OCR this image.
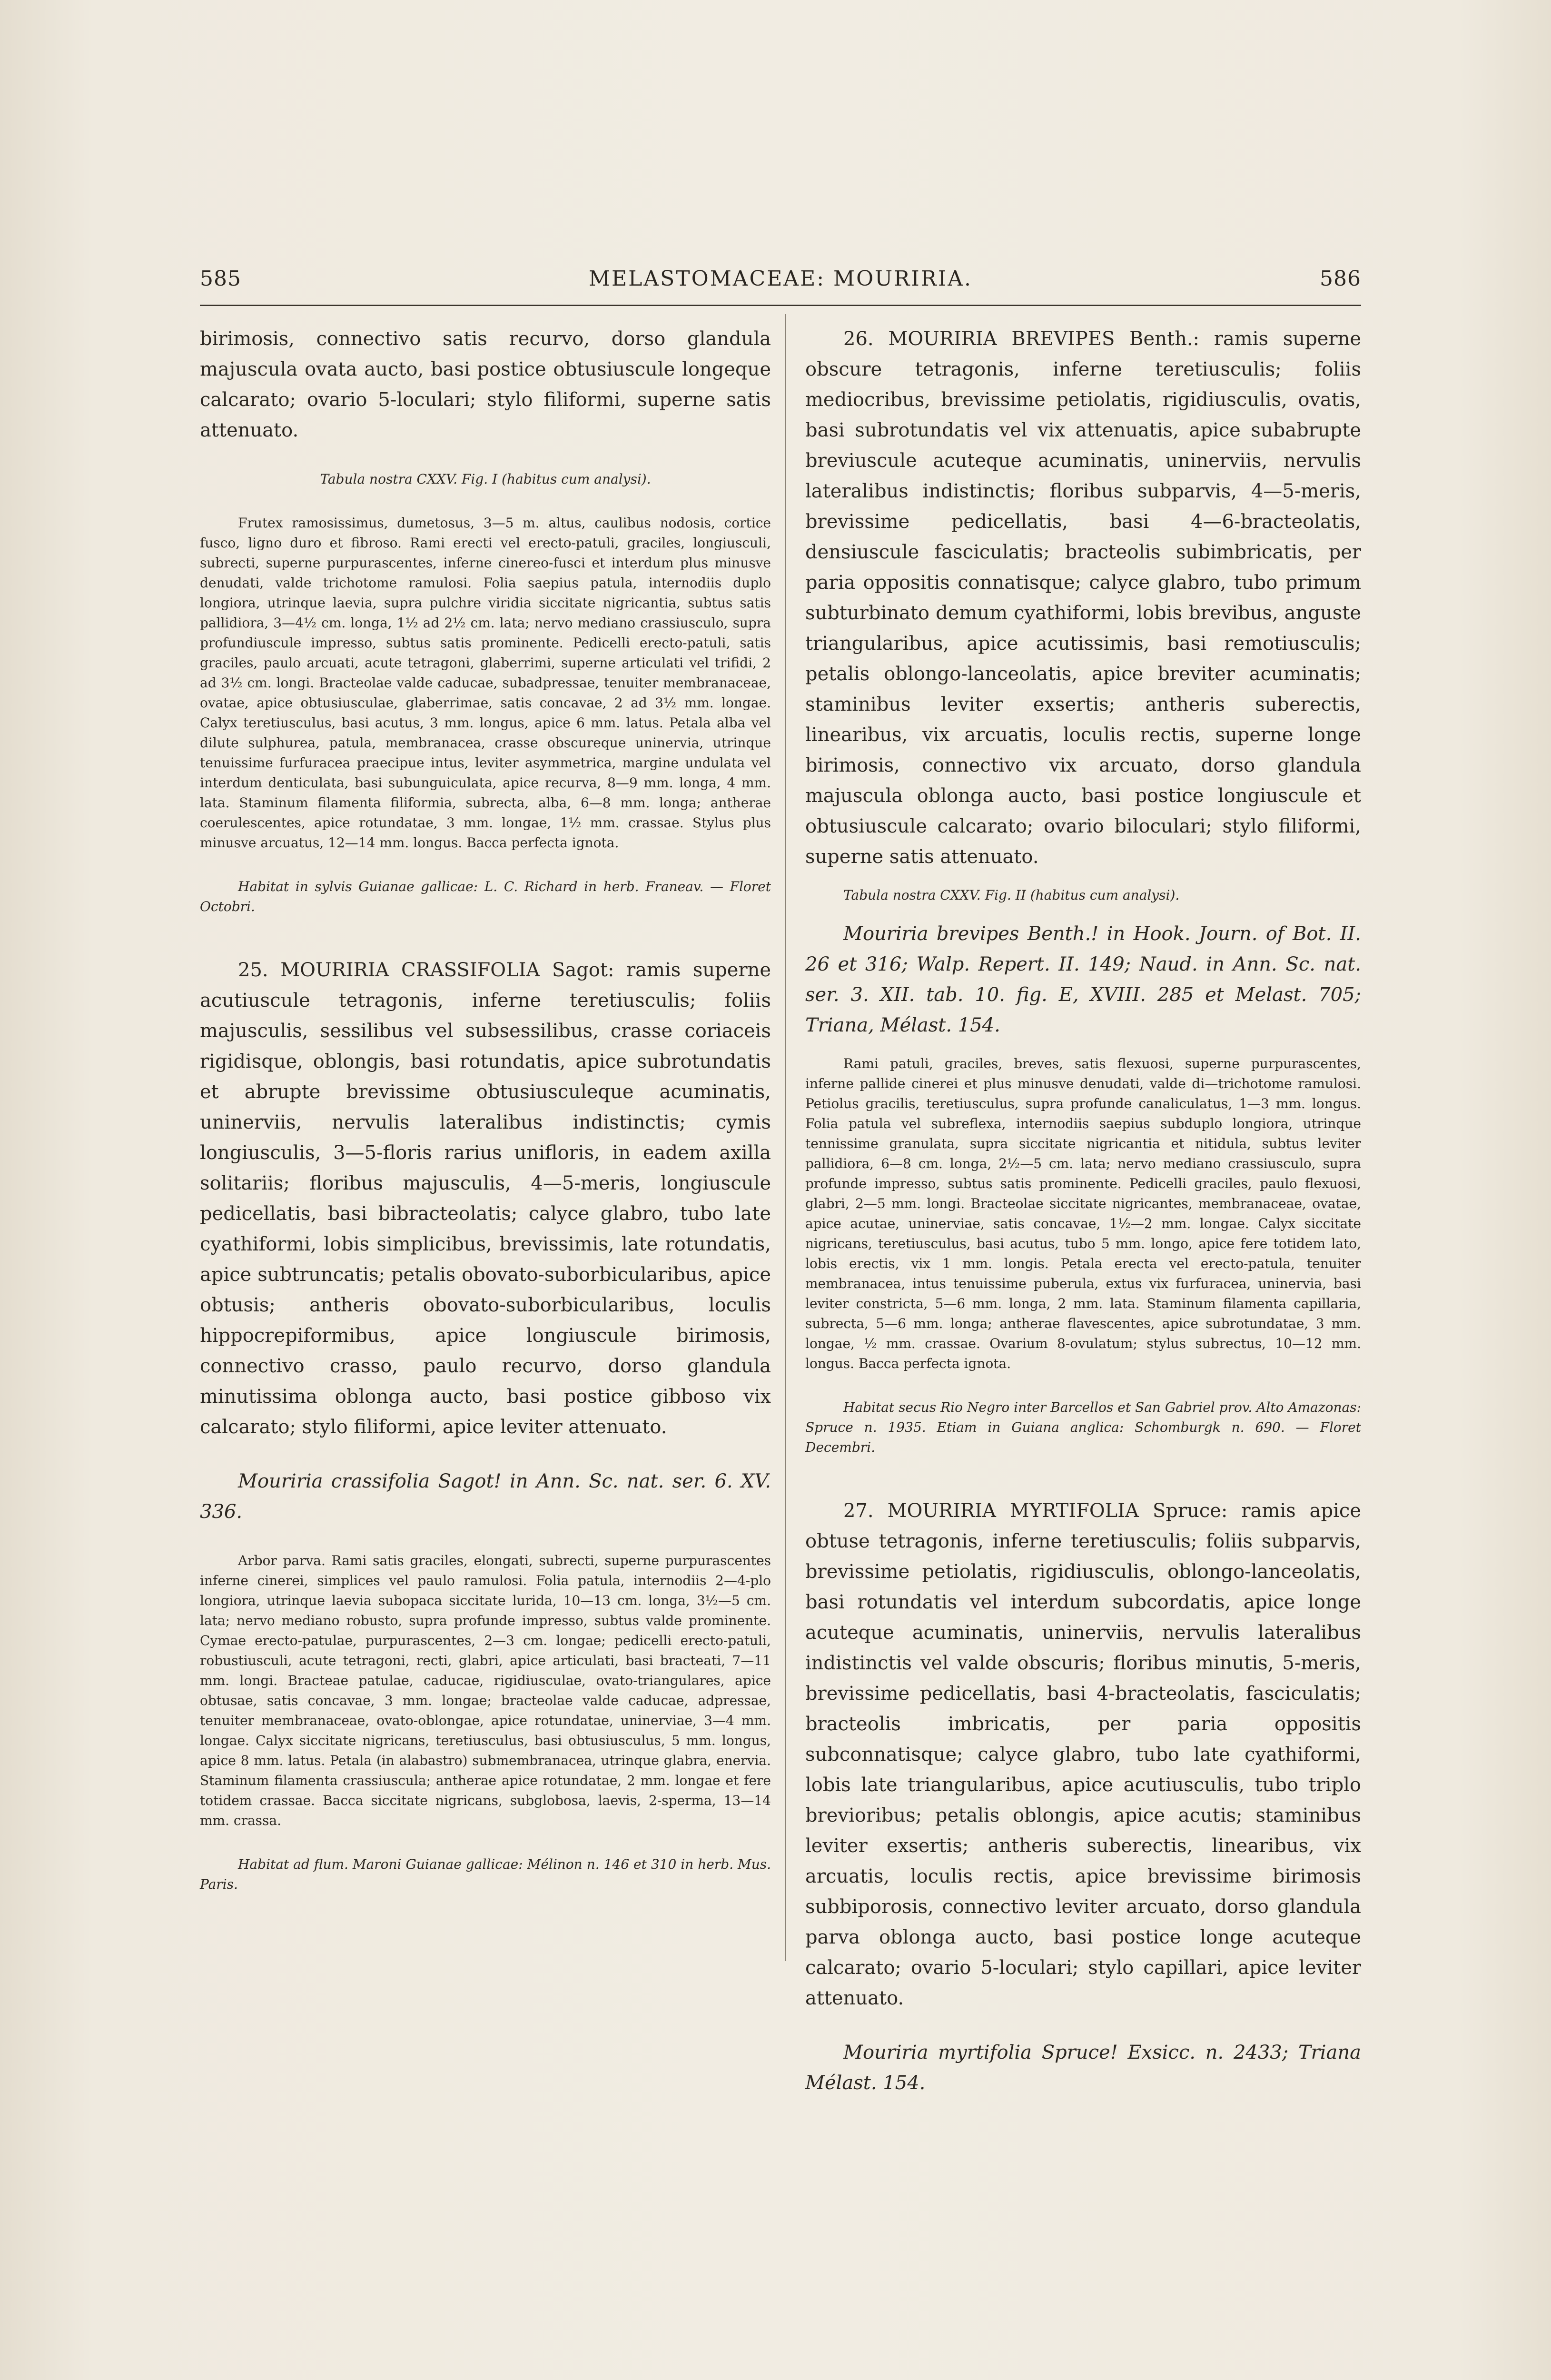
585	MELASTOMACEAE: MOURIRIA.	586

birimosis, connectivo satis recurvo, dorso glandula majuscula ovata aucto, basi postice obtusiuscule longeque calcarato; ovario 5-loculari; stylo filiformi, superne satis attenuato.

Tabula nostra CXXV. Fig. I (habitus cum analysi).

Frutex ramosissimus, dumetosus, 3—5 m. altus, caulibus nodosis, cortice fusco, ligno duro et fibroso. Rami erecti vel erecto-patuli, graciles, longiusculi, subrecti, superne purpurascentes, inferne cinereo-fusci et interdum plus minusve denudati, valde trichotome ramulosi. Folia saepius patula, internodiis duplo longiora, utrinque laevia, supra pulchre viridia siccitate nigricantia, subtus satis pallidiora, 3—4½ cm. longa, 1½ ad 2½ cm. lata; nervo mediano crassiusculo, supra profundiuscule impresso, subtus satis prominente. Pedicelli erecto-patuli, satis graciles, paulo arcuati, acute tetragoni, glaberrimi, superne articulati vel trifidi, 2 ad 3½ cm. longi. Bracteolae valde caducae, subadpressae, tenuiter membranaceae, ovatae, apice obtusiusculae, glaberrimae, satis concavae, 2 ad 3½ mm. longae. Calyx teretiusculus, basi acutus, 3 mm. longus, apice 6 mm. latus. Petala alba vel dilute sulphurea, patula, membranacea, crasse obscureque uninervia, utrinque tenuissime furfuracea praecipue intus, leviter asymmetrica, margine undulata vel interdum denticulata, basi subunguiculata, apice recurva, 8—9 mm. longa, 4 mm. lata. Staminum filamenta filiformia, subrecta, alba, 6—8 mm. longa; antherae coerulescentes, apice rotundatae, 3 mm. longae, 1½ mm. crassae. Stylus plus minusve arcuatus, 12—14 mm. longus. Bacca perfecta ignota.

Habitat in sylvis Guianae gallicae: L. C. Richard in herb. Franeav. — Floret Octobri.

25. MOURIRIA CRASSIFOLIA Sagot: ramis superne acutiuscule tetragonis, inferne teretiusculis; foliis majusculis, sessilibus vel subsessilibus, crasse coriaceis rigidisque, oblongis, basi rotundatis, apice subrotundatis et abrupte brevissime obtusiusculeque acuminatis, uninerviis, nervulis lateralibus indistinctis; cymis longiusculis, 3—5-floris rarius unifloris, in eadem axilla solitariis; floribus majusculis, 4—5-meris, longiuscule pedicellatis, basi bibracteolatis; calyce glabro, tubo late cyathiformi, lobis simplicibus, brevissimis, late rotundatis, apice subtruncatis; petalis obovato-suborbicularibus, apice obtusis; antheris obovato-suborbicularibus, loculis hippocrepiformibus, apice longiuscule birimosis, connectivo crasso, paulo recurvo, dorso glandula minutissima oblonga aucto, basi postice gibboso vix calcarato; stylo filiformi, apice leviter attenuato.

Mouriria crassifolia Sagot! in Ann. Sc. nat. ser. 6. XV. 336.

Arbor parva. Rami satis graciles, elongati, subrecti, superne purpurascentes inferne cinerei, simplices vel paulo ramulosi. Folia patula, internodiis 2—4-plo longiora, utrinque laevia subopaca siccitate lurida, 10—13 cm. longa, 3½—5 cm. lata; nervo mediano robusto, supra profunde impresso, subtus valde prominente. Cymae erecto-patulae, purpurascentes, 2—3 cm. longae; pedicelli erecto-patuli, robustiusculi, acute tetragoni, recti, glabri, apice articulati, basi bracteati, 7—11 mm. longi. Bracteae patulae, caducae, rigidiusculae, ovato-triangulares, apice obtusae, satis concavae, 3 mm. longae; bracteolae valde caducae, adpressae, tenuiter membranaceae, ovato-oblongae, apice rotundatae, uninerviae, 3—4 mm. longae. Calyx siccitate nigricans, teretiusculus, basi obtusiusculus, 5 mm. longus, apice 8 mm. latus. Petala (in alabastro) submembranacea, utrinque glabra, enervia. Staminum filamenta crassiuscula; antherae apice rotundatae, 2 mm. longae et fere totidem crassae. Bacca siccitate nigricans, subglobosa, laevis, 2-sperma, 13—14 mm. crassa.

Habitat ad flum. Maroni Guianae gallicae: Mélinon n. 146 et 310 in herb. Mus. Paris.

26. MOURIRIA BREVIPES Benth.: ramis superne obscure tetragonis, inferne teretiusculis; foliis mediocribus, brevissime petiolatis, rigidiusculis, ovatis, basi subrotundatis vel vix attenuatis, apice subabrupte breviuscule acuteque acuminatis, uninerviis, nervulis lateralibus indistinctis; floribus subparvis, 4—5-meris, brevissime pedicellatis, basi 4—6-bracteolatis, densiuscule fasciculatis; bracteolis subimbricatis, per paria oppositis connatisque; calyce glabro, tubo primum subturbinato demum cyathiformi, lobis brevibus, anguste triangularibus, apice acutissimis, basi remotiusculis; petalis oblongo-lanceolatis, apice breviter acuminatis; staminibus leviter exsertis; antheris suberectis, linearibus, vix arcuatis, loculis rectis, superne longe birimosis, connectivo vix arcuato, dorso glandula majuscula oblonga aucto, basi postice longiuscule et obtusiuscule calcarato; ovario biloculari; stylo filiformi, superne satis attenuato.

Tabula nostra CXXV. Fig. II (habitus cum analysi).

Mouriria brevipes Benth.! in Hook. Journ. of Bot. II. 26 et 316; Walp. Repert. II. 149; Naud. in Ann. Sc. nat. ser. 3. XII. tab. 10. fig. E, XVIII. 285 et Melast. 705; Triana, Mélast. 154.

Rami patuli, graciles, breves, satis flexuosi, superne purpurascentes, inferne pallide cinerei et plus minusve denudati, valde di—trichotome ramulosi. Petiolus gracilis, teretiusculus, supra profunde canaliculatus, 1—3 mm. longus. Folia patula vel subreflexa, internodiis saepius subduplo longiora, utrinque tennissime granulata, supra siccitate nigricantia et nitidula, subtus leviter pallidiora, 6—8 cm. longa, 2½—5 cm. lata; nervo mediano crassiusculo, supra profunde impresso, subtus satis prominente. Pedicelli graciles, paulo flexuosi, glabri, 2—5 mm. longi. Bracteolae siccitate nigricantes, membranaceae, ovatae, apice acutae, uninerviae, satis concavae, 1½—2 mm. longae. Calyx siccitate nigricans, teretiusculus, basi acutus, tubo 5 mm. longo, apice fere totidem lato, lobis erectis, vix 1 mm. longis. Petala erecta vel erecto-patula, tenuiter membranacea, intus tenuissime puberula, extus vix furfuracea, uninervia, basi leviter constricta, 5—6 mm. longa, 2 mm. lata. Staminum filamenta capillaria, subrecta, 5—6 mm. longa; antherae flavescentes, apice subrotundatae, 3 mm. longae, ½ mm. crassae. Ovarium 8-ovulatum; stylus subrectus, 10—12 mm. longus. Bacca perfecta ignota.

Habitat secus Rio Negro inter Barcellos et San Gabriel prov. Alto Amazonas: Spruce n. 1935. Etiam in Guiana anglica: Schomburgk n. 690. — Floret Decembri.

27. MOURIRIA MYRTIFOLIA Spruce: ramis apice obtuse tetragonis, inferne teretiusculis; foliis subparvis, brevissime petiolatis, rigidiusculis, oblongo-lanceolatis, basi rotundatis vel interdum subcordatis, apice longe acuteque acuminatis, uninerviis, nervulis lateralibus indistinctis vel valde obscuris; floribus minutis, 5-meris, brevissime pedicellatis, basi 4-bracteolatis, fasciculatis; bracteolis imbricatis, per paria oppositis subconnatisque; calyce glabro, tubo late cyathiformi, lobis late triangularibus, apice acutiusculis, tubo triplo brevioribus; petalis oblongis, apice acutis; staminibus leviter exsertis; antheris suberectis, linearibus, vix arcuatis, loculis rectis, apice brevissime birimosis subbiporosis, connectivo leviter arcuato, dorso glandula parva oblonga aucto, basi postice longe acuteque calcarato; ovario 5-loculari; stylo capillari, apice leviter attenuato.

Mouriria myrtifolia Spruce! Exsicc. n. 2433; Triana Mélast. 154.
